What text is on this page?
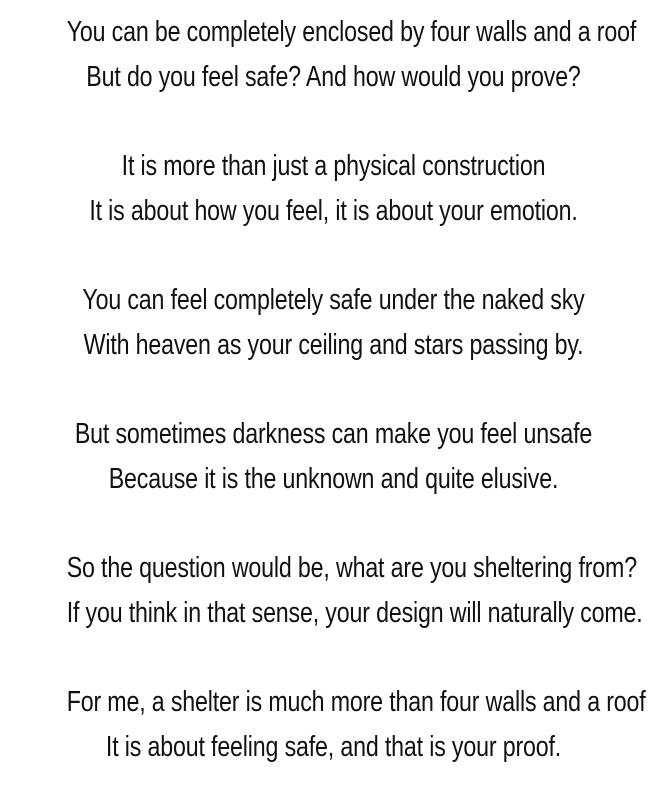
You can be completely enclosed by four walls and a roof
But do you feel safe? And how would you prove?
It is more than just a physical construction
It is about how you feel, it is about your emotion.
You can feel completely safe under the naked sky
With heaven as your ceiling and stars passing by.
But sometimes darkness can make you feel unsafe
Because it is the unknown and quite elusive.
So the question would be, what are you sheltering from?
If you think in that sense, your design will naturally come.
For me, a shelter is much more than four walls and a roof
It is about feeling safe, and that is your proof.
